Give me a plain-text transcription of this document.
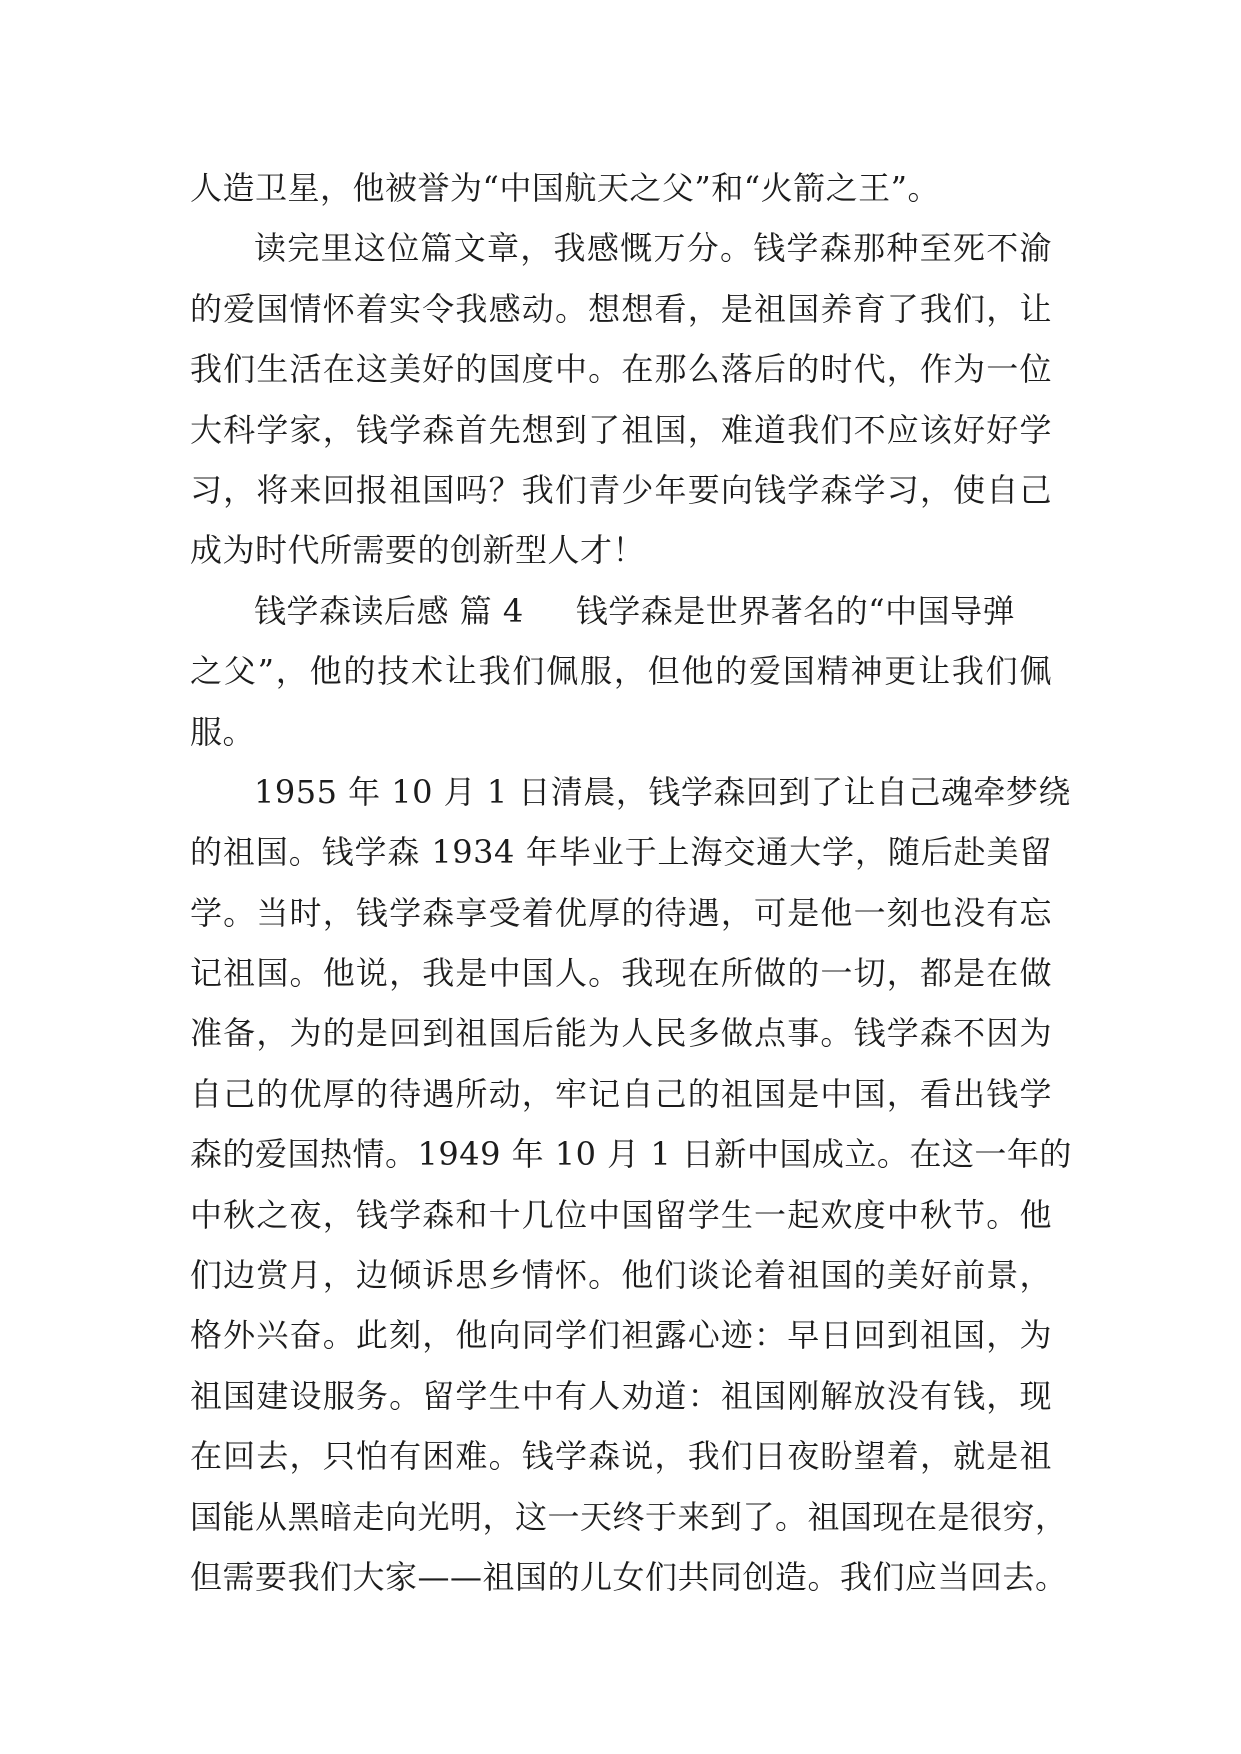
人造卫星，他被誉为“中国航天之父”和“火箭之王”。
读完里这位篇文章，我感慨万分。钱学森那种至死不渝
的爱国情怀着实令我感动。想想看，是祖国养育了我们，让
我们生活在这美好的国度中。在那么落后的时代，作为一位
大科学家，钱学森首先想到了祖国，难道我们不应该好好学
习，将来回报祖国吗？我们青少年要向钱学森学习，使自己
成为时代所需要的创新型人才！
钱学森读后感 篇 4 钱学森是世界著名的“中国导弹
之父”，他的技术让我们佩服，但他的爱国精神更让我们佩
服。
1955 年 10 月 1 日清晨，钱学森回到了让自己魂牵梦绕
的祖国。钱学森 1934 年毕业于上海交通大学，随后赴美留
学。当时，钱学森享受着优厚的待遇，可是他一刻也没有忘
记祖国。他说，我是中国人。我现在所做的一切，都是在做
准备，为的是回到祖国后能为人民多做点事。钱学森不因为
自己的优厚的待遇所动，牢记自己的祖国是中国，看出钱学
森的爱国热情。1949 年 10 月 1 日新中国成立。在这一年的
中秋之夜，钱学森和十几位中国留学生一起欢度中秋节。他
们边赏月，边倾诉思乡情怀。他们谈论着祖国的美好前景，
格外兴奋。此刻，他向同学们袒露心迹：早日回到祖国，为
祖国建设服务。留学生中有人劝道：祖国刚解放没有钱，现
在回去，只怕有困难。钱学森说，我们日夜盼望着，就是祖
国能从黑暗走向光明，这一天终于来到了。祖国现在是很穷，
但需要我们大家——祖国的儿女们共同创造。我们应当回去。
